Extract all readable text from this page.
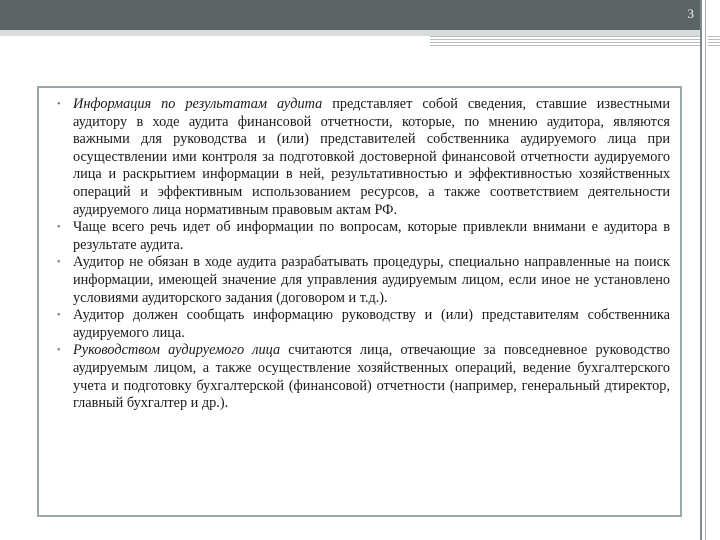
3
• Информация по результатам аудита представляет собой сведения, ставшие известными аудитору в ходе аудита финансовой отчетности, которые, по мнению аудитора, являются важными для руководства и (или) представителей собственника аудируемого лица при осуществлении ими контроля за подготовкой достоверной финансовой отчетности аудируемого лица и раскрытием информации в ней, результативностью и эффективностью хозяйственных операций и эффективным использованием ресурсов, а также соответствием деятельности аудируемого лица нормативным правовым актам РФ.
• Чаще всего речь идет об информации по вопросам, которые привлекли внимани е аудитора в результате аудита.
• Аудитор не обязан в ходе аудита разрабатывать процедуры, специально направленные на поиск информации, имеющей значение для управления аудируемым лицом, если иное не установлено условиями аудиторского задания (договором и т.д.).
• Аудитор должен сообщать информацию руководству и (или) представителям собственника аудируемого лица.
• Руководством аудируемого лица считаются лица, отвечающие за повседневное руководство аудируемым лицом, а также осуществление хозяйственных операций, ведение бухгалтерского учета и подготовку бухгалтерской (финансовой) отчетности (например, генеральный дтиректор, главный бухгалтер и др.).
